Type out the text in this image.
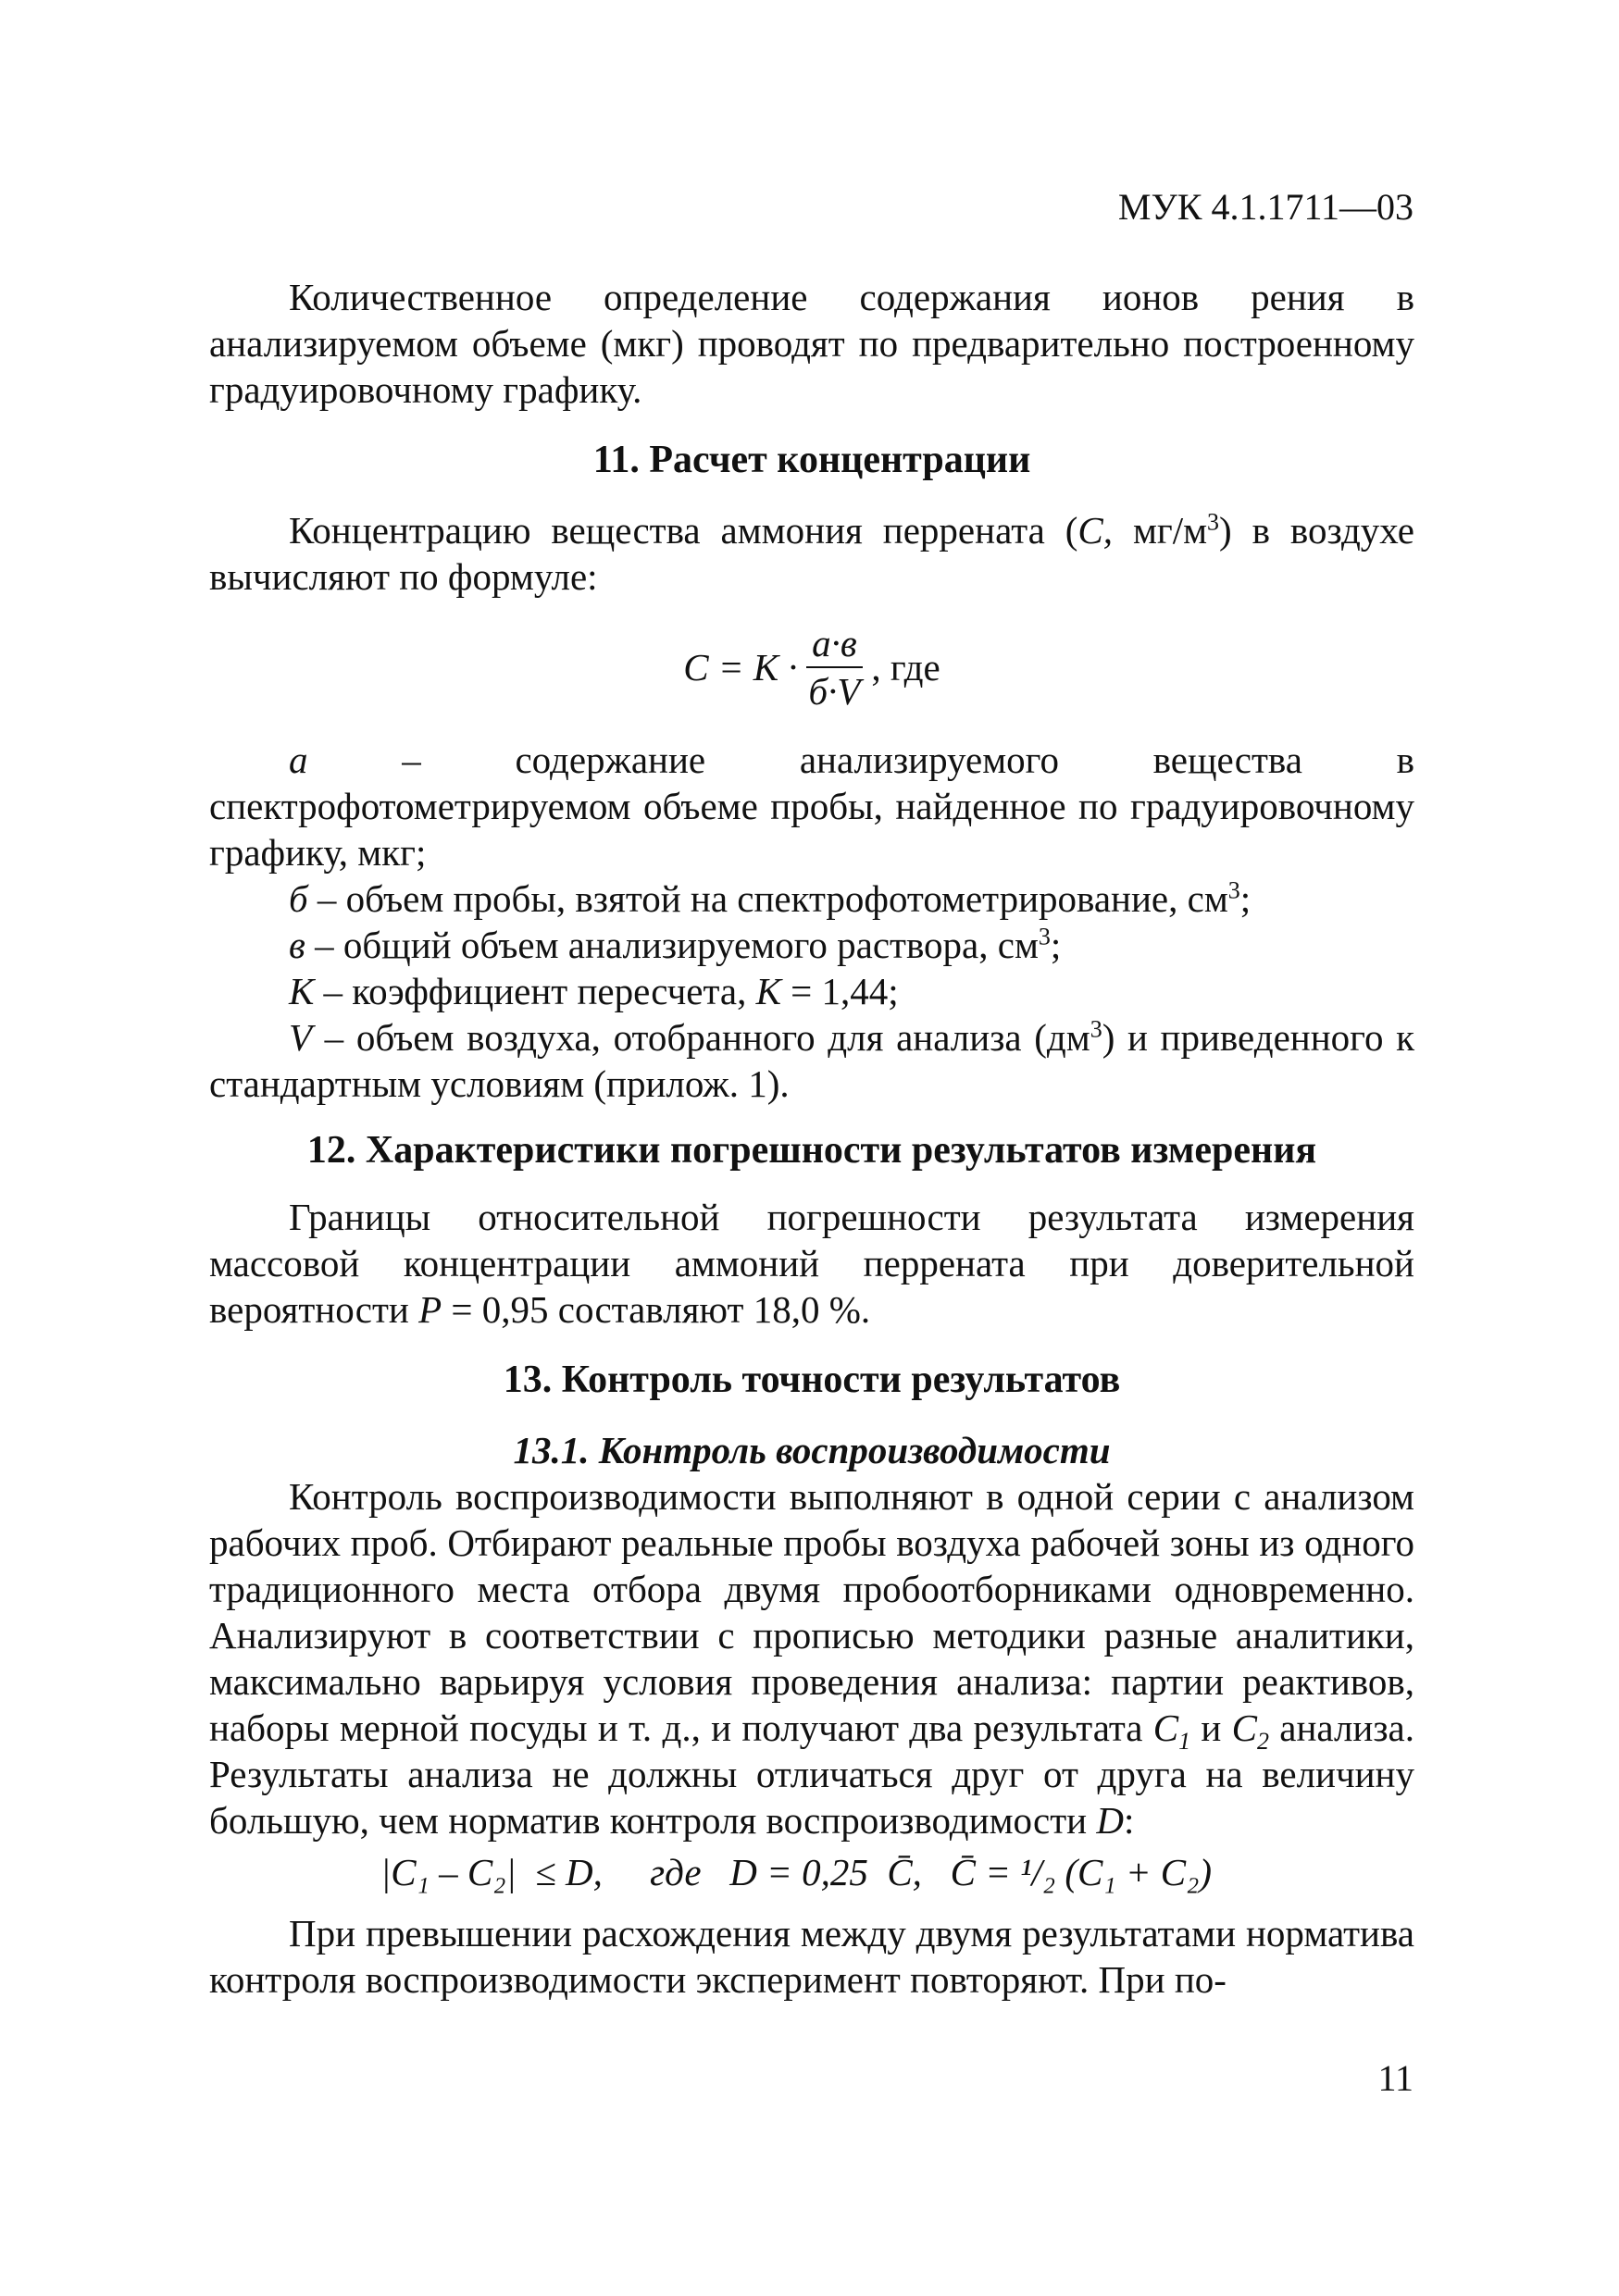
МУК 4.1.1711—03

Количественное определение содержания ионов рения в анализируемом объеме (мкг) проводят по предварительно построенному градуировочному графику.

11. Расчет концентрации

Концентрацию вещества аммония перрената (С, $мг/м^3$) в воздухе вычисляют по формуле:

$С = К \cdot \frac{а\cdot в}{б\cdot V}$ , где

а – содержание анализируемого вещества в спектрофотометрируемом объеме пробы, найденное по градуировочному графику, мкг;

б – объем пробы, взятой на спектрофотометрирование, $см^3$;

в – общий объем анализируемого раствора, $см^3$;

К – коэффициент пересчета, К = 1,44;

V – объем воздуха, отобранного для анализа $(дм^3)$ и приведенного к стандартным условиям (прилож. 1).

12. Характеристики погрешности результатов измерения

Границы относительной погрешности результата измерения массовой концентрации аммоний перрената при доверительной вероятности Р = 0,95 составляют 18,0 %.

13. Контроль точности результатов
13.1. Контроль воспроизводимости

Контроль воспроизводимости выполняют в одной серии с анализом рабочих проб. Отбирают реальные пробы воздуха рабочей зоны из одного традиционного места отбора двумя пробоотборниками одновременно. Анализируют в соответствии с прописью методики разные аналитики, максимально варьируя условия проведения анализа: партии реактивов, наборы мерной посуды и т. д., и получают два результата $С_1$ и $С_2$ анализа. Результаты анализа не должны отличаться друг от друга на величину большую, чем норматив контроля воспроизводимости D:

|C₁ – C₂|  ≤ D,     где   D = 0,25  C̄,   C̄ = ¹/₂ (C₁ + C₂)

При превышении расхождения между двумя результатами норматива контроля воспроизводимости эксперимент повторяют. При по-

11
